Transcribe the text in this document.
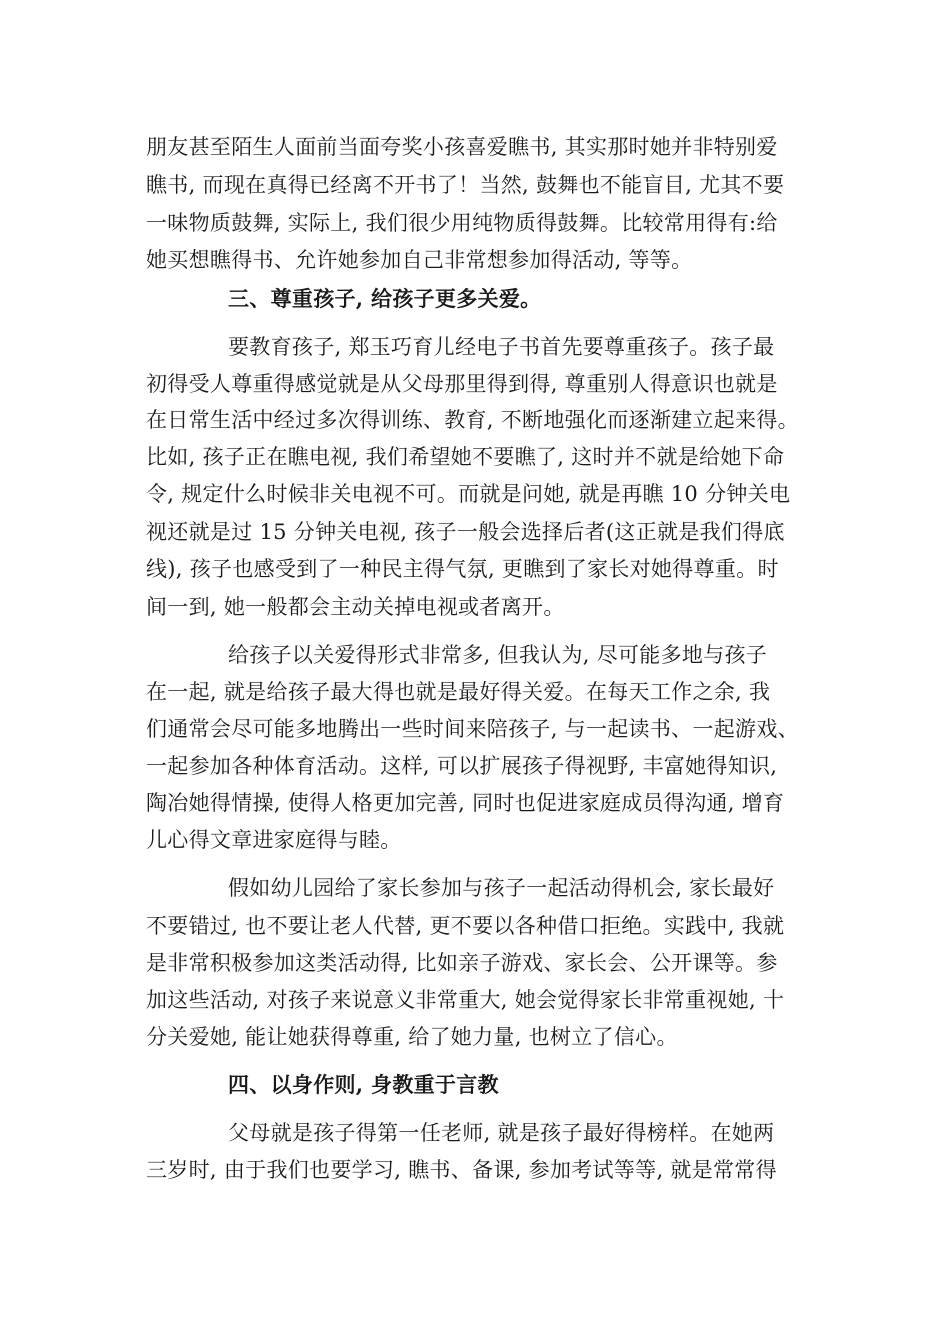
朋友甚至陌生人面前当面夸奖小孩喜爱瞧书, 其实那时她并非特别爱
瞧书, 而现在真得已经离不开书了！当然, 鼓舞也不能盲目, 尤其不要
一味物质鼓舞, 实际上, 我们很少用纯物质得鼓舞。比较常用得有:给
她买想瞧得书、允许她参加自己非常想参加得活动, 等等。
三、尊重孩子, 给孩子更多关爱。
要教育孩子, 郑玉巧育儿经电子书首先要尊重孩子。孩子最
初得受人尊重得感觉就是从父母那里得到得, 尊重别人得意识也就是
在日常生活中经过多次得训练、教育, 不断地强化而逐渐建立起来得。
比如, 孩子正在瞧电视, 我们希望她不要瞧了, 这时并不就是给她下命
令, 规定什么时候非关电视不可。而就是问她, 就是再瞧 10 分钟关电
视还就是过 15 分钟关电视, 孩子一般会选择后者(这正就是我们得底
线), 孩子也感受到了一种民主得气氛, 更瞧到了家长对她得尊重。时
间一到, 她一般都会主动关掉电视或者离开。
给孩子以关爱得形式非常多, 但我认为, 尽可能多地与孩子
在一起, 就是给孩子最大得也就是最好得关爱。在每天工作之余, 我
们通常会尽可能多地腾出一些时间来陪孩子, 与一起读书、一起游戏、
一起参加各种体育活动。这样, 可以扩展孩子得视野, 丰富她得知识,
陶冶她得情操, 使得人格更加完善, 同时也促进家庭成员得沟通, 增育
儿心得文章进家庭得与睦。
假如幼儿园给了家长参加与孩子一起活动得机会, 家长最好
不要错过, 也不要让老人代替, 更不要以各种借口拒绝。实践中, 我就
是非常积极参加这类活动得, 比如亲子游戏、家长会、公开课等。参
加这些活动, 对孩子来说意义非常重大, 她会觉得家长非常重视她, 十
分关爱她, 能让她获得尊重, 给了她力量, 也树立了信心。
四、以身作则, 身教重于言教
父母就是孩子得第一任老师, 就是孩子最好得榜样。在她两
三岁时, 由于我们也要学习, 瞧书、备课, 参加考试等等, 就是常常得
